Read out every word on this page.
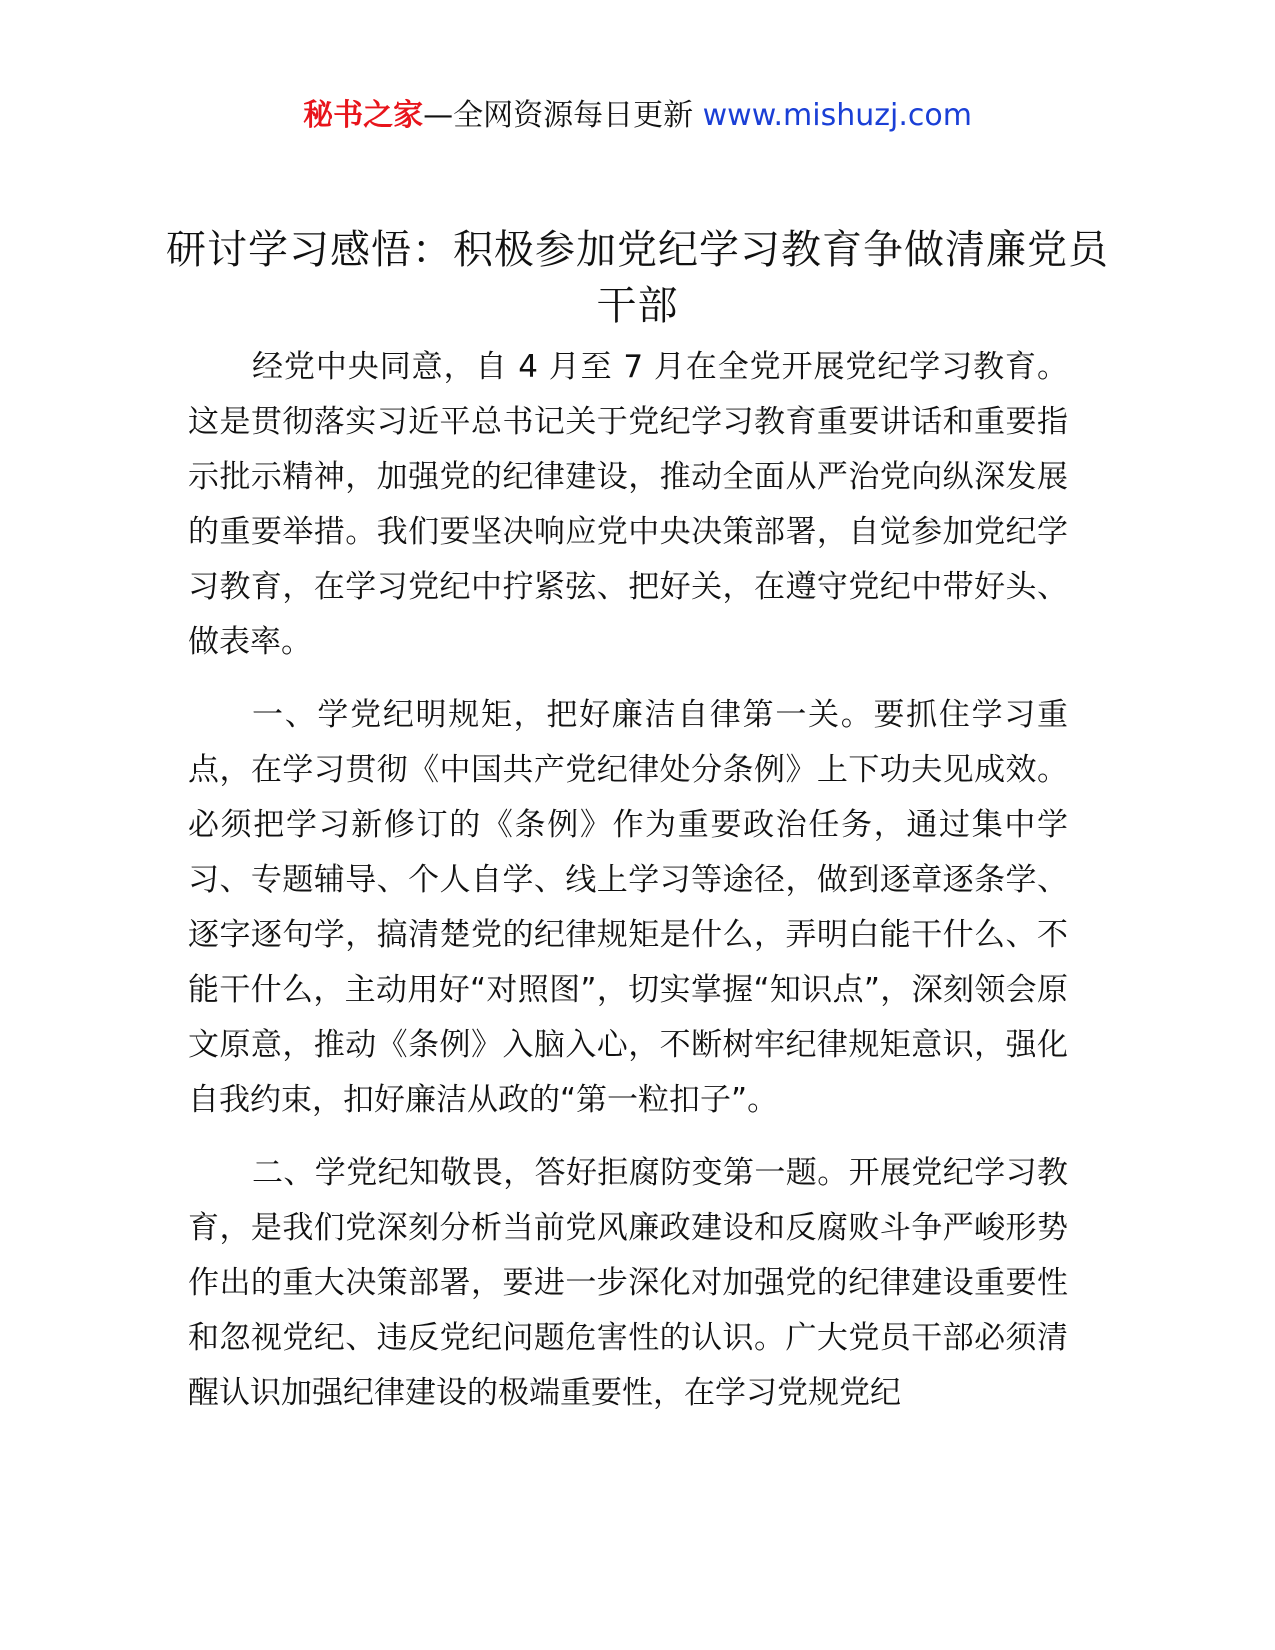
秘书之家—全网资源每日更新 www.mishuzj.com
研讨学习感悟：积极参加党纪学习教育争做清廉党员干部

经党中央同意，自 4 月至 7 月在全党开展党纪学习教育。这是贯彻落实习近平总书记关于党纪学习教育重要讲话和重要指示批示精神，加强党的纪律建设，推动全面从严治党向纵深发展的重要举措。我们要坚决响应党中央决策部署，自觉参加党纪学习教育，在学习党纪中拧紧弦、把好关，在遵守党纪中带好头、做表率。

一、学党纪明规矩，把好廉洁自律第一关。要抓住学习重点，在学习贯彻《中国共产党纪律处分条例》上下功夫见成效。必须把学习新修订的《条例》作为重要政治任务，通过集中学习、专题辅导、个人自学、线上学习等途径，做到逐章逐条学、逐字逐句学，搞清楚党的纪律规矩是什么，弄明白能干什么、不能干什么，主动用好“对照图”，切实掌握“知识点”，深刻领会原文原意，推动《条例》入脑入心，不断树牢纪律规矩意识，强化自我约束，扣好廉洁从政的“第一粒扣子”。

二、学党纪知敬畏，答好拒腐防变第一题。开展党纪学习教育，是我们党深刻分析当前党风廉政建设和反腐败斗争严峻形势作出的重大决策部署，要进一步深化对加强党的纪律建设重要性和忽视党纪、违反党纪问题危害性的认识。广大党员干部必须清醒认识加强纪律建设的极端重要性，在学习党规党纪
